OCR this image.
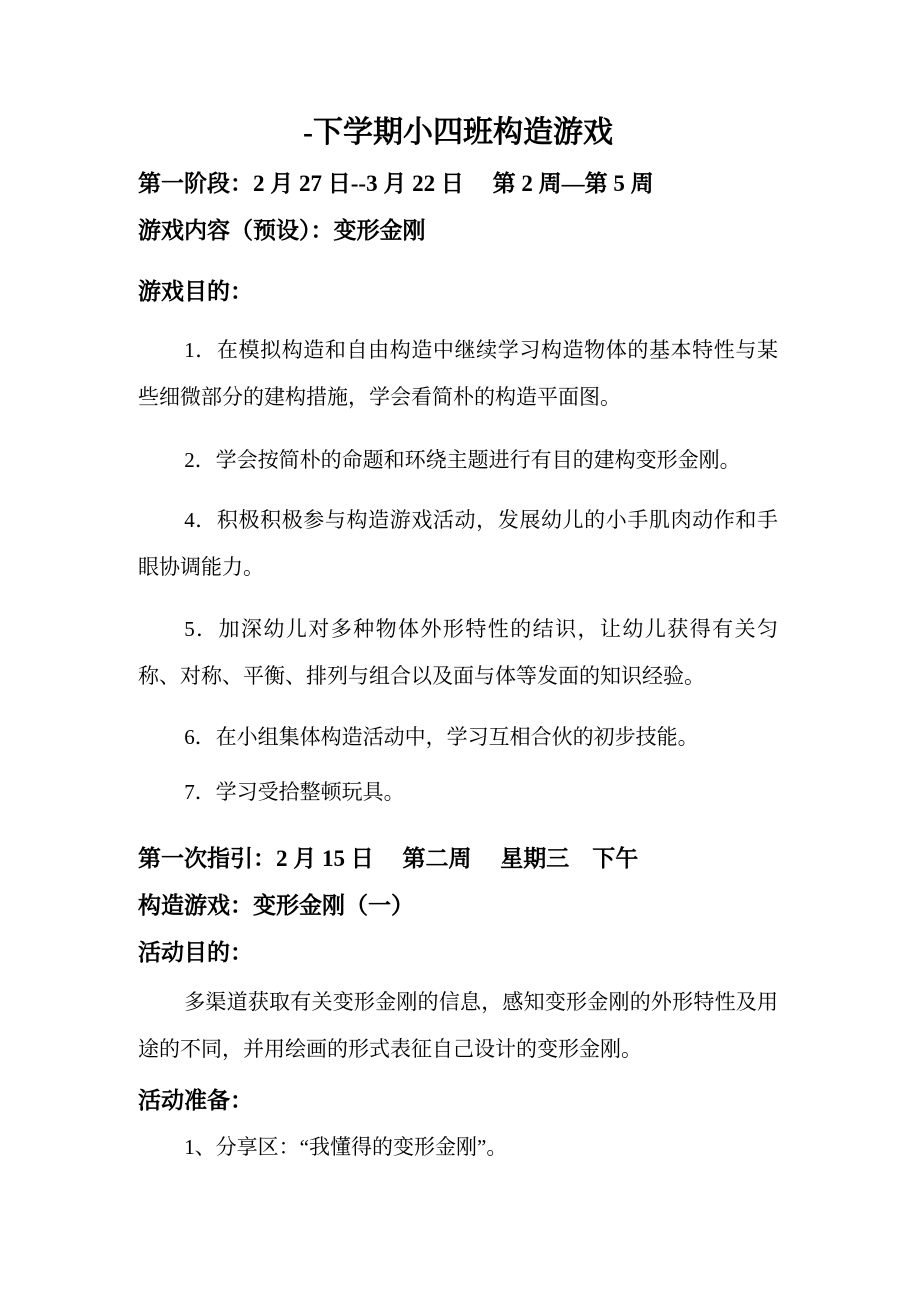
-下学期小四班构造游戏

第一阶段：2 月 27 日--3 月 22 日　 第 2 周—第 5 周

游戏内容（预设）：变形金刚

游戏目的：

1．在模拟构造和自由构造中继续学习构造物体的基本特性与某些细微部分的建构措施，学会看简朴的构造平面图。

2．学会按简朴的命题和环绕主题进行有目的建构变形金刚。

4．积极积极参与构造游戏活动，发展幼儿的小手肌肉动作和手眼协调能力。

5．加深幼儿对多种物体外形特性的结识，让幼儿获得有关匀称、对称、平衡、排列与组合以及面与体等发面的知识经验。

6．在小组集体构造活动中，学习互相合伙的初步技能。

7．学习受拾整顿玩具。

第一次指引：2 月 15 日　 第二周　 星期三　下午

构造游戏：变形金刚（一）

活动目的：

多渠道获取有关变形金刚的信息，感知变形金刚的外形特性及用途的不同，并用绘画的形式表征自己设计的变形金刚。

活动准备：

1、分享区：“我懂得的变形金刚”。
